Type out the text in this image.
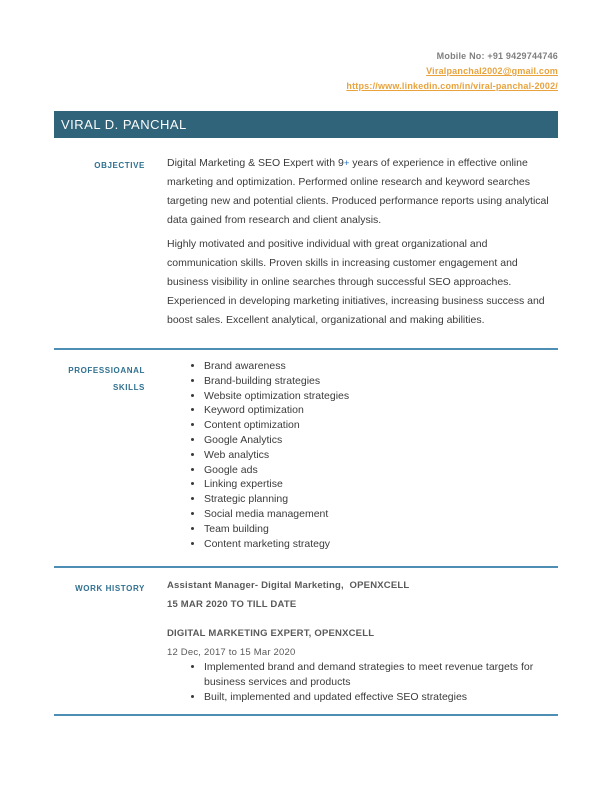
Mobile No: +91 9429744746
Viralpanchal2002@gmail.com
https://www.linkedin.com/in/viral-panchal-2002/
VIRAL D. PANCHAL
OBJECTIVE Digital Marketing & SEO Expert with 9+ years of experience in effective online marketing and optimization. Performed online research and keyword searches targeting new and potential clients. Produced performance reports using analytical data gained from research and client analysis.

Highly motivated and positive individual with great organizational and communication skills. Proven skills in increasing customer engagement and business visibility in online searches through successful SEO approaches. Experienced in developing marketing initiatives, increasing business success and boost sales. Excellent analytical, organizational and making abilities.

PROFESSIOANAL
SKILLS
• Brand awareness
• Brand-building strategies
• Website optimization strategies
• Keyword optimization
• Content optimization
• Google Analytics
• Web analytics
• Google ads
• Linking expertise
• Strategic planning
• Social media management
• Team building
• Content marketing strategy
WORK HISTORY Assistant Manager- Digital Marketing,  OPENXCELL
15 MAR 2020 TO TILL DATE
DIGITAL MARKETING EXPERT, OPENXCELL
12 Dec, 2017 to 15 Mar 2020
• Implemented brand and demand strategies to meet revenue targets for business services and products
• Built, implemented and updated effective SEO strategies
